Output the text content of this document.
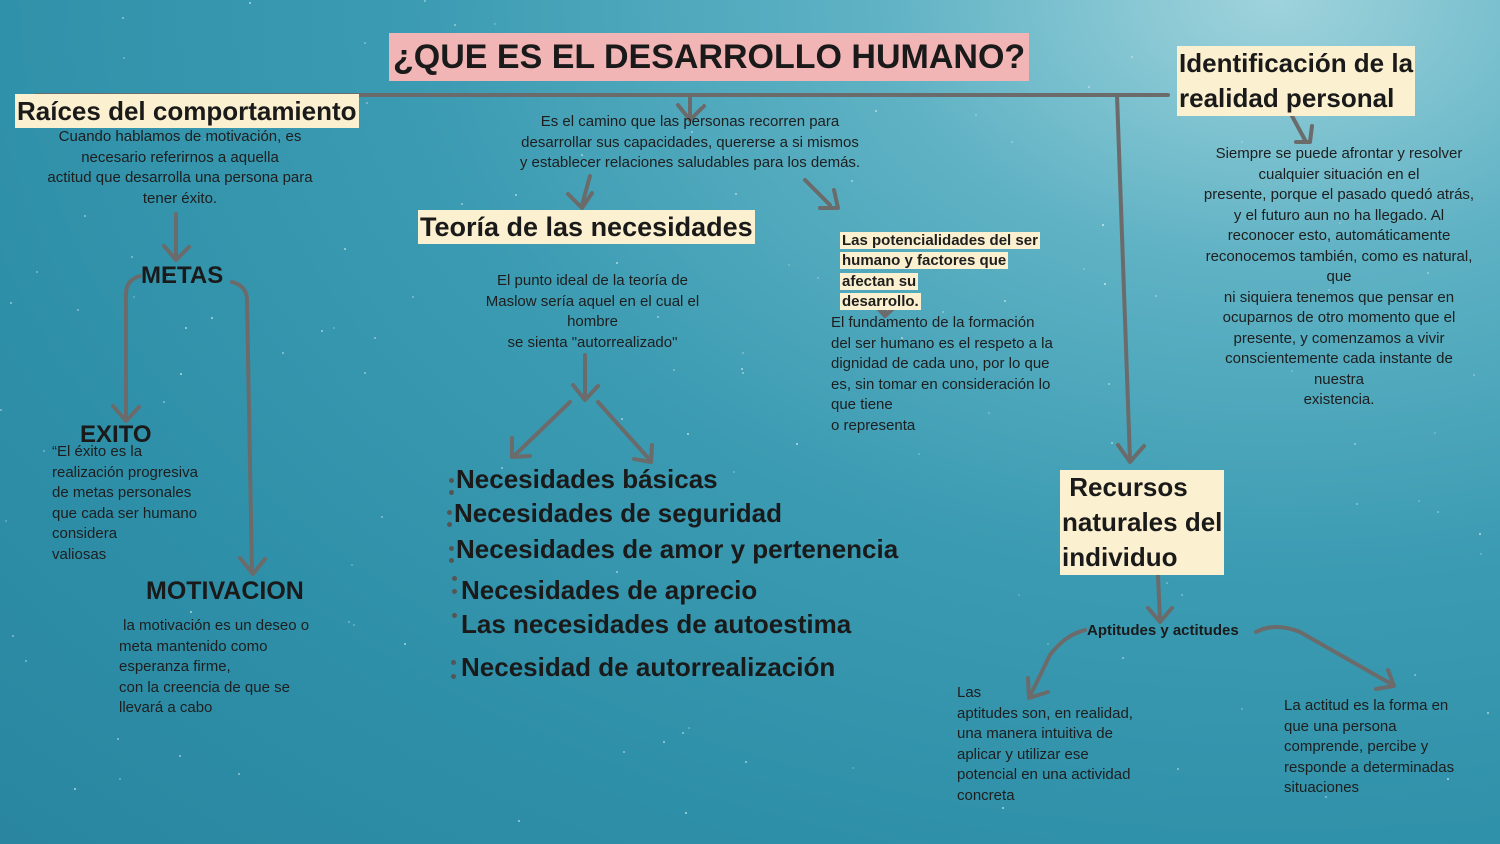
¿QUE ES EL DESARROLLO HUMANO?
Es el camino que las personas recorren para
desarrollar sus capacidades, quererse a si mismos
y establecer relaciones saludables para los demás.
Raíces del comportamiento
Cuando hablamos de motivación, es
necesario referirnos a aquella
actitud que desarrolla una persona para
tener éxito.
METAS
EXITO
“El éxito es la
realización progresiva
de metas personales
que cada ser humano
considera
valiosas
MOTIVACION
la motivación es un deseo o
meta mantenido como
esperanza firme,
con la creencia de que se
llevará a cabo
Teoría de las necesidades
El punto ideal de la teoría de
Maslow sería aquel en el cual el
hombre
se sienta "autorrealizado"
Necesidades básicas
Necesidades de seguridad
Necesidades de amor y pertenencia
Necesidades de aprecio
Las necesidades de autoestima
Necesidad de autorrealización

Las potencialidades del ser
humano y factores que
afectan su
desarrollo.

El fundamento de la formación
del ser humano es el respeto a la
dignidad de cada uno, por lo que
es, sin tomar en consideración lo
que tiene
o representa
Identificación de la
realidad personal
Siempre se puede afrontar y resolver
cualquier situación en el
presente, porque el pasado quedó atrás,
y el futuro aun no ha llegado. Al
reconocer esto, automáticamente
reconocemos también, como es natural,
que
ni siquiera tenemos que pensar en
ocuparnos de otro momento que el
presente, y comenzamos a vivir
conscientemente cada instante de
nuestra
existencia.
Recursos
naturales del
individuo
Aptitudes y actitudes
Las
aptitudes son, en realidad,
una manera intuitiva de
aplicar y utilizar ese
potencial en una actividad
concreta
La actitud es la forma en
que una persona
comprende, percibe y
responde a determinadas
situaciones
